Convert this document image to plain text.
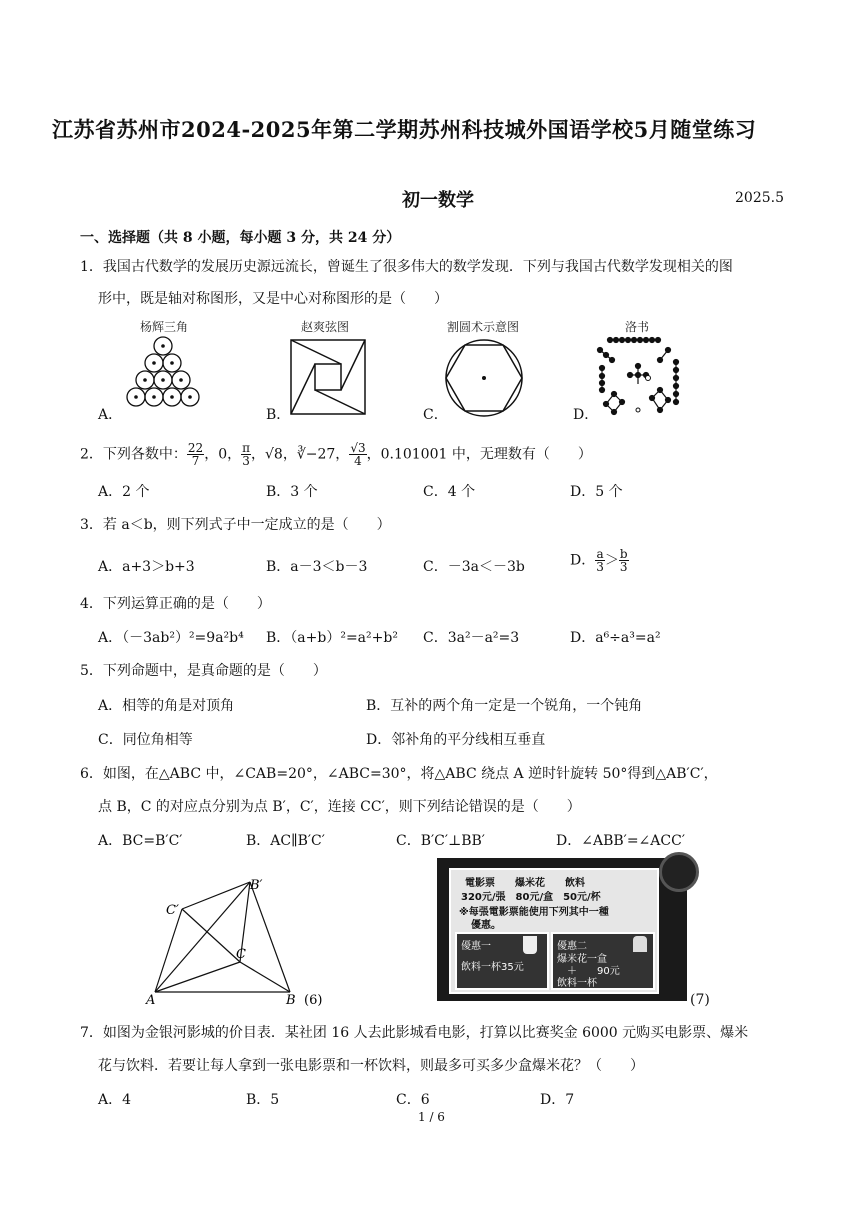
江苏省苏州市2024-2025年第二学期苏州科技城外国语学校5月随堂练习
初一数学	2025.5
一、选择题（共 8 小题，每小题 3 分，共 24 分）
1．我国古代数学的发展历史源远流长，曾诞生了很多伟大的数学发现．下列与我国古代数学发现相关的图
形中，既是轴对称图形，又是中心对称图形的是（　　）
杨辉三角	赵爽弦图	割圆术示意图	洛书
A．	B．	C．	D．
2．下列各数中： $\frac{22}{7}$ ，0， $\frac{\pi}{3}$ ，√8，∛−27， $\frac{√3}{4}$ ，0.101001 中，无理数有（　　）
A．2 个	B．3 个	C．4 个	D．5 个
3．若 a＜b，则下列式子中一定成立的是（　　）
A．a+3＞b+3	B．a－3＜b－3	C．－3a＜－3b	D． $\frac{a}{3} > \frac{b}{3}$
4．下列运算正确的是（　　）
A．（－3ab²）²=9a²b⁴ B．（a+b）²=a²+b² C．3a²－a²=3	D．a⁶÷a³=a²
5．下列命题中，是真命题的是（　　）
A．相等的角是对顶角	B．互补的两个角一定是一个锐角，一个钝角
C．同位角相等	D．邻补角的平分线相互垂直
6．如图，在△ABC 中，∠CAB=20°，∠ABC=30°，将△ABC 绕点 A 逆时针旋转 50°得到△AB′C′，
点 B，C 的对应点分别为点 B′，C′，连接 CC′，则下列结论错误的是（　　）
A．BC=B′C′	B．AC∥B′C′	C．B′C′⊥BB′	D．∠ABB′=∠ACC′
C′
B′
C
A	B (6)
電影票　　爆米花　　飲料
320元/張　80元/盒　50元/杯
※每張電影票能使用下列其中一種
優惠。
優惠一
飲料一杯35元
優惠二
爆米花一盒
＋　　90元
飲料一杯
(7)
7．如图为金银河影城的价目表．某社团 16 人去此影城看电影，打算以比赛奖金 6000 元购买电影票、爆米
花与饮料．若要让每人拿到一张电影票和一杯饮料，则最多可买多少盒爆米花？（　　）
A．4	B．5	C．6	D．7
1 / 6
